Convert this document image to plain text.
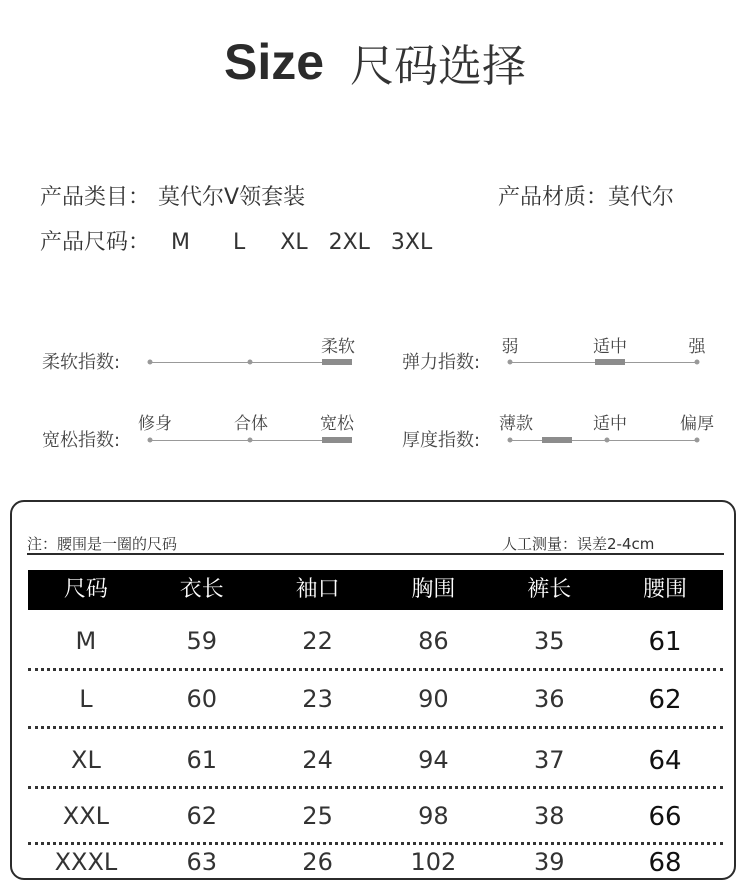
Size 尺码选择
产品类目： 莫代尔V领套装	产品材质：莫代尔
产品尺码： M L XL 2XL 3XL
柔软指数:
柔软
弹力指数:
弱	适中	强
宽松指数:
修身	合体	宽松
厚度指数:
薄款	适中	偏厚
注：腰围是一圈的尺码	人工测量：误差2-4cm
尺码	衣长	袖口	胸围	裤长	腰围
M	59	22	86	35	61
L	60	23	90	36	62
XL	61	24	94	37	64
XXL	62	25	98	38	66
XXXL	63	26	102	39	68
